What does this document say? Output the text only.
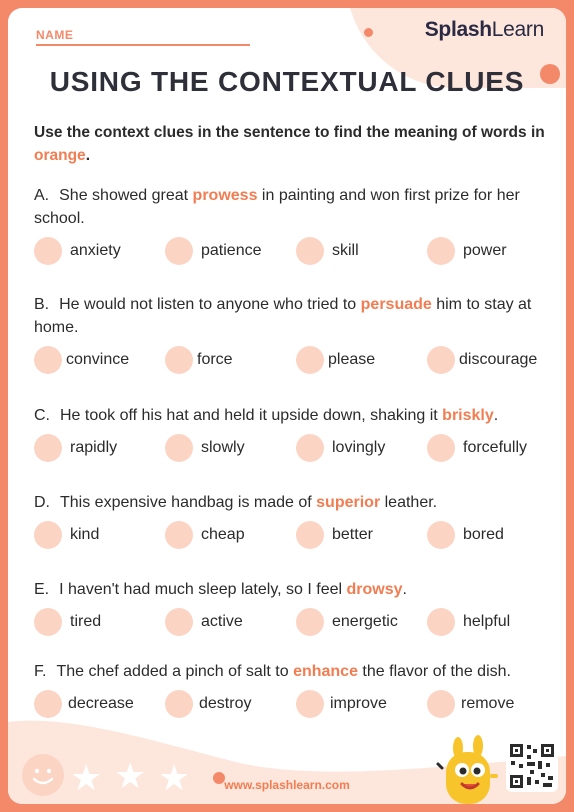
NAME	SplashLearn
USING THE CONTEXTUAL CLUES
Use the context clues in the sentence to find the meaning of words in orange.
A. She showed great prowess in painting and won first prize for her school.
anxiety	patience	skill	power
B. He would not listen to anyone who tried to persuade him to stay at home.
convince	force	please	discourage
C. He took off his hat and held it upside down, shaking it briskly.
rapidly	slowly	lovingly	forcefully
D. This expensive handbag is made of superior leather.
kind	cheap	better	bored
E. I haven't had much sleep lately, so I feel drowsy.
tired	active	energetic	helpful
F. The chef added a pinch of salt to enhance the flavor of the dish.
decrease	destroy	improve	remove
★ ★ ★	www.splashlearn.com
